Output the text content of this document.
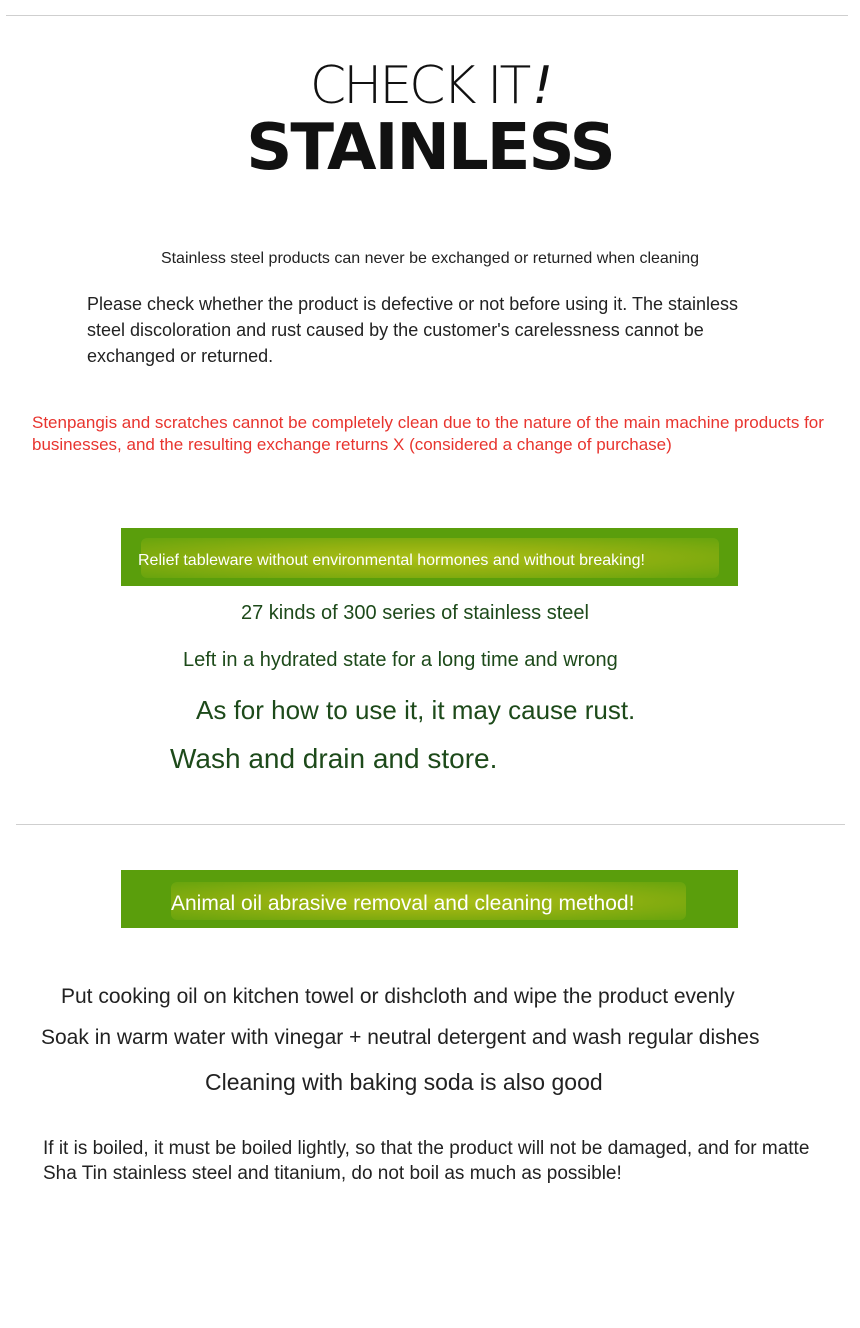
CHECK IT!
STAINLESS
Stainless steel products can never be exchanged or returned when cleaning
Please check whether the product is defective or not before using it. The stainless steel discoloration and rust caused by the customer's carelessness cannot be exchanged or returned.
Stenpangis and scratches cannot be completely clean due to the nature of the main machine products for businesses, and the resulting exchange returns X (considered a change of purchase)
Relief tableware without environmental hormones and without breaking!
27 kinds of 300 series of stainless steel
Left in a hydrated state for a long time and wrong
As for how to use it, it may cause rust.
Wash and drain and store.
Animal oil abrasive removal and cleaning method!
Put cooking oil on kitchen towel or dishcloth and wipe the product evenly
Soak in warm water with vinegar + neutral detergent and wash regular dishes
Cleaning with baking soda is also good
If it is boiled, it must be boiled lightly, so that the product will not be damaged, and for matte Sha Tin stainless steel and titanium, do not boil as much as possible!
